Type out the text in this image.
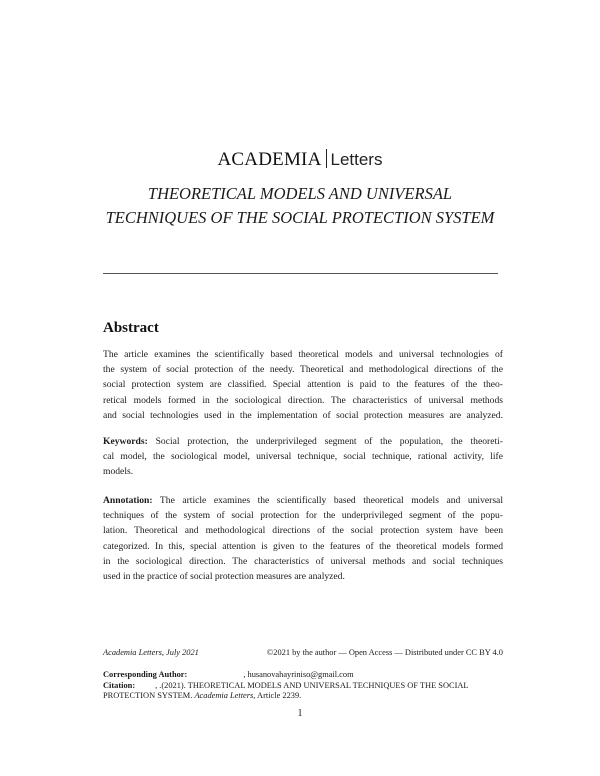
ACADEMIA Letters
THEORETICAL MODELS AND UNIVERSAL
TECHNIQUES OF THE SOCIAL PROTECTION SYSTEM
Abstract
The article examines the scientifically based theoretical models and universal technologies of
the system of social protection of the needy. Theoretical and methodological directions of the
social protection system are classified. Special attention is paid to the features of the theo-
retical models formed in the sociological direction. The characteristics of universal methods
and social technologies used in the implementation of social protection measures are analyzed.
Keywords: Social protection, the underprivileged segment of the population, the theoreti-
cal model, the sociological model, universal technique, social technique, rational activity, life
models.
Annotation: The article examines the scientifically based theoretical models and universal
techniques of the system of social protection for the underprivileged segment of the popu-
lation. Theoretical and methodological directions of the social protection system have been
categorized. In this, special attention is given to the features of the theoretical models formed
in the sociological direction. The characteristics of universal methods and social techniques
used in the practice of social protection measures are analyzed.
Academia Letters, July 2021	©2021 by the author — Open Access — Distributed under CC BY 4.0
Corresponding Author:	, husanovahayriniso@gmail.com
Citation: , .(2021). THEORETICAL MODELS AND UNIVERSAL TECHNIQUES OF THE SOCIAL
PROTECTION SYSTEM. Academia Letters, Article 2239.
1
